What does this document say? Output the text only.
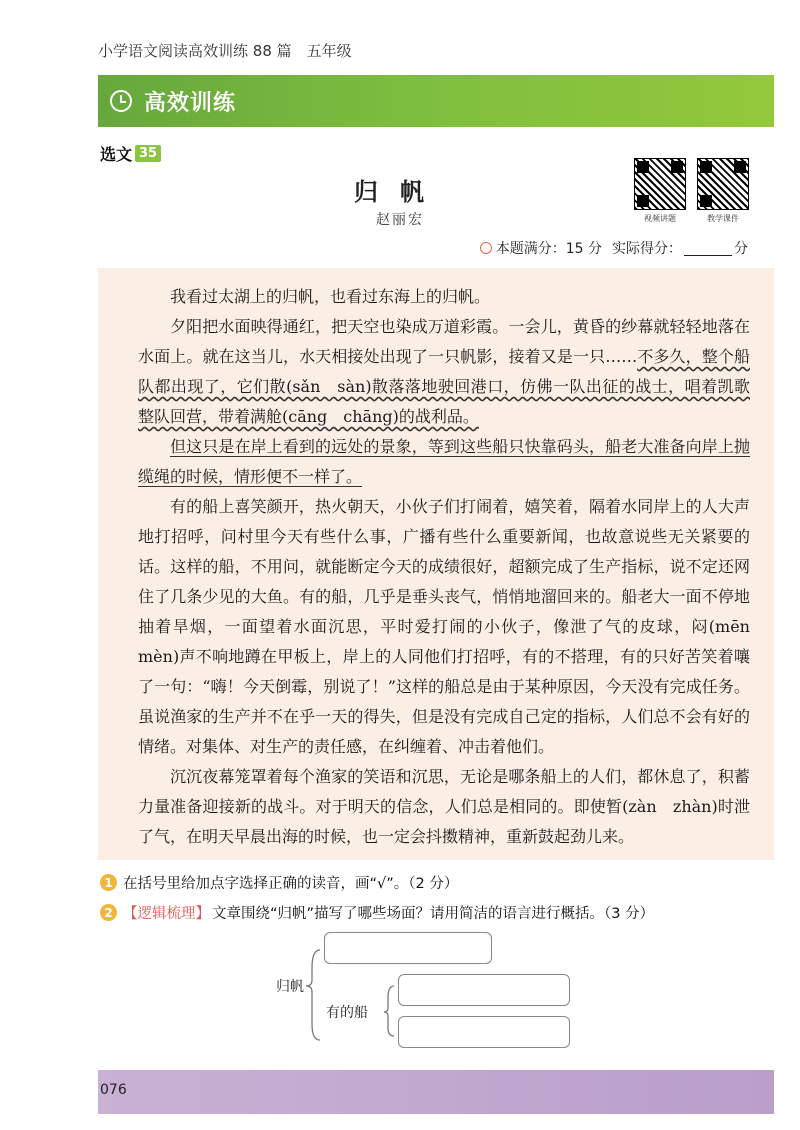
小学语文阅读高效训练 88 篇　五年级
高效训练
选文 35
归帆
赵丽宏	视频讲题	教学课件
本题满分：15 分 实际得分：	分

我看过太湖上的归帆，也看过东海上的归帆。

夕阳把水面映得通红，把天空也染成万道彩霞。一会儿，黄昏的纱幕就轻轻地落在水面上。就在这当儿，水天相接处出现了一只帆影，接着又是一只……不多久，整个船队都出现了，它们散(sǎn　sàn)散落落地驶回港口，仿佛一队出征的战士，唱着凯歌整队回营，带着满舱(cāng　chāng)的战利品。

但这只是在岸上看到的远处的景象，等到这些船只快靠码头，船老大准备向岸上抛缆绳的时候，情形便不一样了。

有的船上喜笑颜开，热火朝天，小伙子们打闹着，嬉笑着，隔着水同岸上的人大声地打招呼，问村里今天有些什么事，广播有些什么重要新闻，也故意说些无关紧要的话。这样的船，不用问，就能断定今天的成绩很好，超额完成了生产指标，说不定还网住了几条少见的大鱼。有的船，几乎是垂头丧气，悄悄地溜回来的。船老大一面不停地抽着旱烟，一面望着水面沉思，平时爱打闹的小伙子，像泄了气的皮球，闷(mēn　mèn)声不响地蹲在甲板上，岸上的人同他们打招呼，有的不搭理，有的只好苦笑着嚷了一句：“嗨！今天倒霉，别说了！”这样的船总是由于某种原因，今天没有完成任务。虽说渔家的生产并不在乎一天的得失，但是没有完成自己定的指标，人们总不会有好的情绪。对集体、对生产的责任感，在纠缠着、冲击着他们。

沉沉夜幕笼罩着每个渔家的笑语和沉思，无论是哪条船上的人们，都休息了，积蓄力量准备迎接新的战斗。对于明天的信念，人们总是相同的。即使暂(zàn　zhàn)时泄了气，在明天早晨出海的时候，也一定会抖擞精神，重新鼓起劲儿来。

1 在括号里给加点字选择正确的读音，画“√”。（2 分）
2 【逻辑梳理】 文章围绕“归帆”描写了哪些场面？请用简洁的语言进行概括。（3 分）
归帆
有的船
076
